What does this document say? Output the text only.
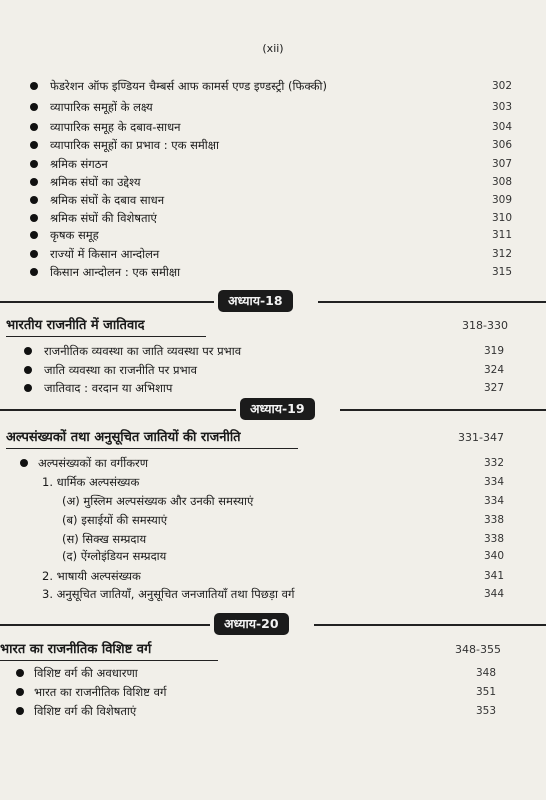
(xii)
फेडरेशन ऑफ इण्डियन चैम्बर्स आफ कामर्स एण्ड इण्डस्ट्री (फिक्की)	302
व्यापारिक समूहों के लक्ष्य	303
व्यापारिक समूह के दबाव-साधन	304
व्यापारिक समूहों का प्रभाव : एक समीक्षा	306
श्रमिक संगठन	307
श्रमिक संघों का उद्देश्य	308
श्रमिक संघों के दबाव साधन	309
श्रमिक संघों की विशेषताएं	310
कृषक समूह	311
राज्यों में किसान आन्दोलन	312
किसान आन्दोलन : एक समीक्षा	315
अध्याय-18
भारतीय राजनीति में जातिवाद	318-330
राजनीतिक व्यवस्था का जाति व्यवस्था पर प्रभाव	319
जाति व्यवस्था का राजनीति पर प्रभाव	324
जातिवाद : वरदान या अभिशाप	327
अध्याय-19
अल्पसंख्यकों तथा अनुसूचित जातियों की राजनीति	331-347
अल्पसंख्यकों का वर्गीकरण	332
1. धार्मिक अल्पसंख्यक	334
(अ) मुस्लिम अल्पसंख्यक और उनकी समस्याएं	334
(ब) इसाईयों की समस्याएं	338
(स) सिक्ख सम्प्रदाय	338
(द) ऐंग्लोइंडियन सम्प्रदाय	340
2. भाषायी अल्पसंख्यक	341
3. अनुसूचित जातियाँ, अनुसूचित जनजातियाँ तथा पिछड़ा वर्ग	344
अध्याय-20
भारत का राजनीतिक विशिष्ट वर्ग	348-355
विशिष्ट वर्ग की अवधारणा	348
भारत का राजनीतिक विशिष्ट वर्ग	351
विशिष्ट वर्ग की विशेषताएं	353
